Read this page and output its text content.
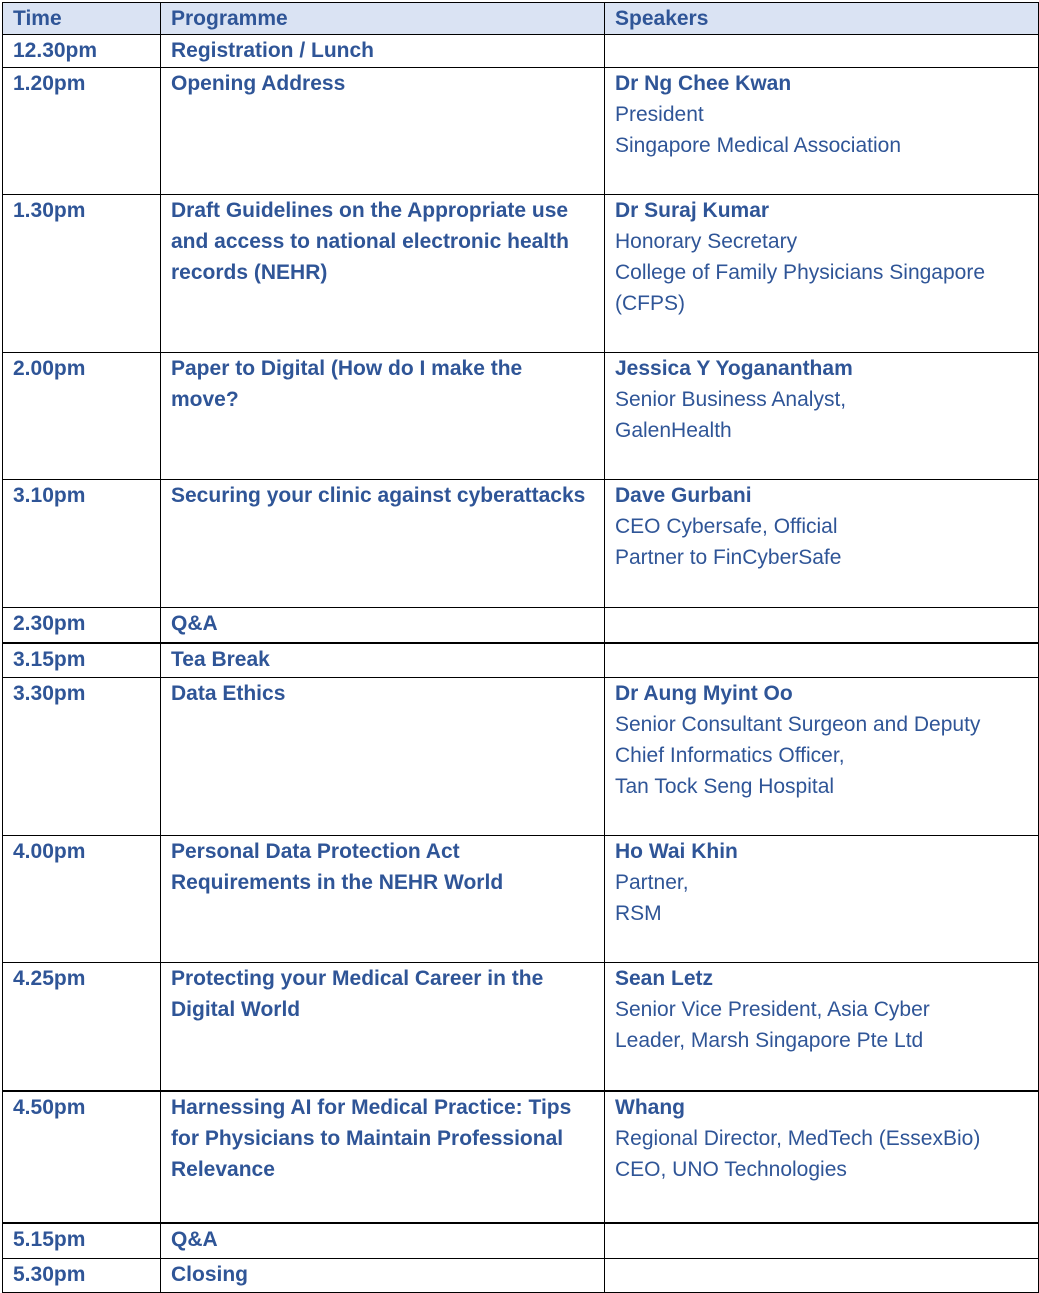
Time	Programme	Speakers
12.30pm	Registration / Lunch	
1.20pm	Opening Address	Dr Ng Chee Kwan
President
Singapore Medical Association

1.30pm	Draft Guidelines on the Appropriate use and access to national electronic health records (NEHR)	Dr Suraj Kumar
Honorary Secretary
College of Family Physicians Singapore (CFPS)

2.00pm	Paper to Digital (How do I make the move?	Jessica Y Yoganantham
Senior Business Analyst,
GalenHealth

3.10pm	Securing your clinic against cyberattacks	Dave Gurbani
CEO Cybersafe, Official
Partner to FinCyberSafe

2.30pm	Q&A	
3.15pm	Tea Break	
3.30pm	Data Ethics	Dr Aung Myint Oo
Senior Consultant Surgeon and Deputy
Chief Informatics Officer,
Tan Tock Seng Hospital

4.00pm	Personal Data Protection Act Requirements in the NEHR World	Ho Wai Khin
Partner,
RSM

4.25pm	Protecting your Medical Career in the Digital World	Sean Letz
Senior Vice President, Asia Cyber
Leader, Marsh Singapore Pte Ltd

4.50pm	Harnessing AI for Medical Practice: Tips for Physicians to Maintain Professional Relevance	Whang
Regional Director, MedTech (EssexBio)
CEO, UNO Technologies

5.15pm	Q&A	
5.30pm	Closing	
